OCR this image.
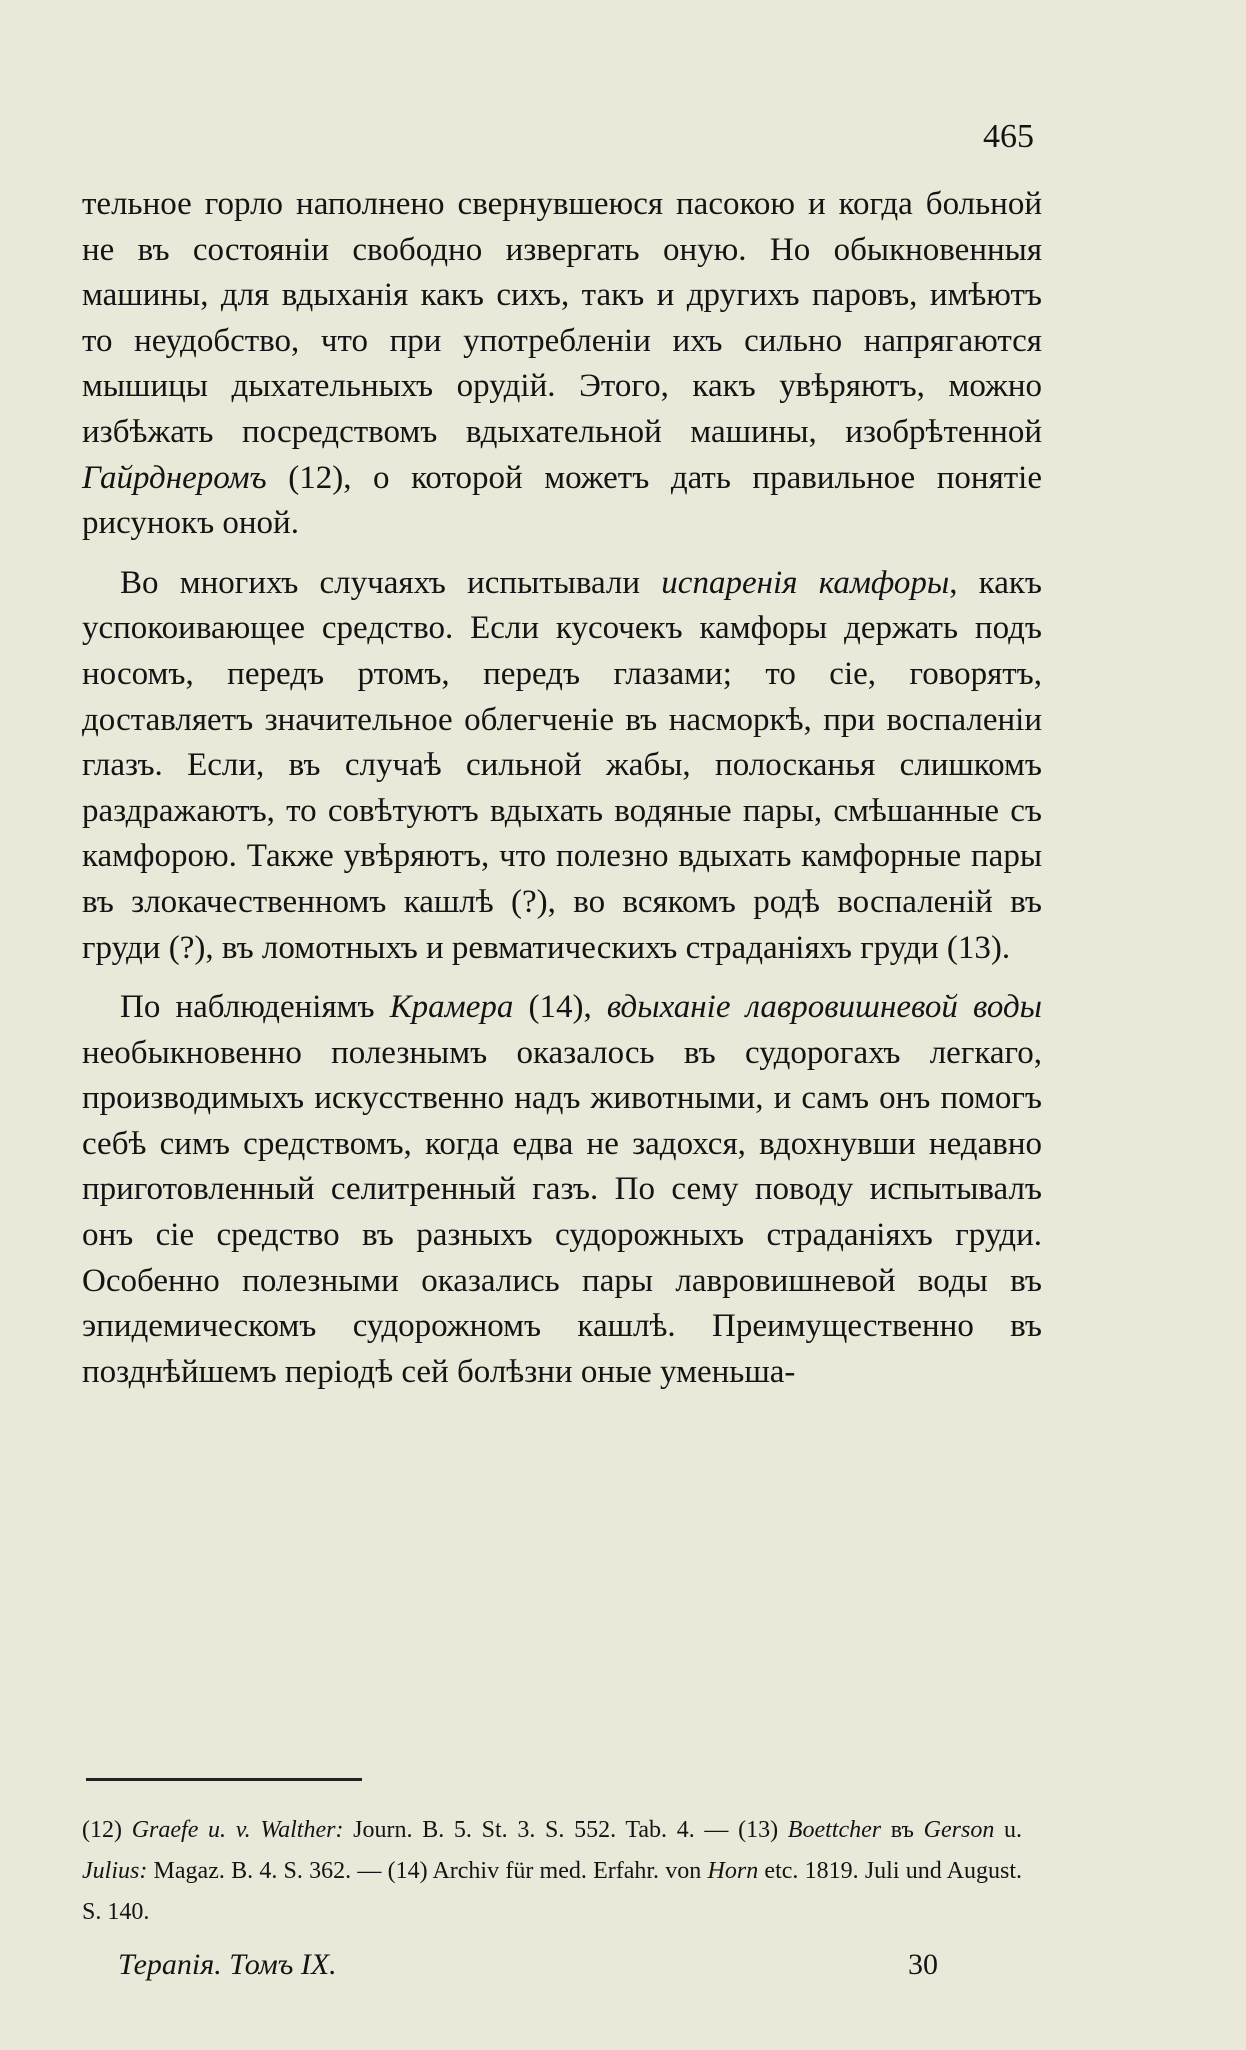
465

тельное горло наполнено свернувшеюся пасокою и когда больной не въ состоянiи свободно извергать оную. Но обыкновенныя машины, для вдыханiя какъ сихъ, такъ и другихъ паровъ, имѣютъ то неудобство, что при употребленiи ихъ сильно напрягаются мышицы дыхательныхъ орудiй. Этого, какъ увѣряютъ, можно избѣжать посредствомъ вдыхательной машины, изобрѣтенной Гайрднеромъ (12), о которой можетъ дать правильное понятiе рисунокъ оной.

Во многихъ случаяхъ испытывали испаренiя камфоры, какъ успокоивающее средство. Если кусочекъ камфоры держать подъ носомъ, передъ ртомъ, передъ глазами; то сiе, говорятъ, доставляетъ значительное облегченiе въ насморкѣ, при воспаленiи глазъ. Если, въ случаѣ сильной жабы, полосканья слишкомъ раздражаютъ, то совѣтуютъ вдыхать водяные пары, смѣшанные съ камфорою. Также увѣряютъ, что полезно вдыхать камфорные пары въ злокачественномъ кашлѣ (?), во всякомъ родѣ воспаленiй въ груди (?), въ ломотныхъ и ревматическихъ страданiяхъ груди (13).

По наблюденiямъ Крамера (14), вдыханiе лавровишневой воды необыкновенно полезнымъ оказалось въ судорогахъ легкаго, производимыхъ искусственно надъ животными, и самъ онъ помогъ себѣ симъ средствомъ, когда едва не задохся, вдохнувши недавно приготовленный селитренный газъ. По сему поводу испытывалъ онъ сiе средство въ разныхъ судорожныхъ страданiяхъ груди. Особенно полезными оказались пары лавровишневой воды въ эпидемическомъ судорожномъ кашлѣ. Преимущественно въ позднѣйшемъ перiодѣ сей болѣзни оные уменьша-

(12) Graefe u. v. Walther: Journ. B. 5. St. 3. S. 552. Tab. 4. — (13) Boettcher въ Gerson u. Julius: Magaz. B. 4. S. 362. — (14) Archiv für med. Erfahr. von Horn etc. 1819. Juli und August. S. 140.
Терапiя. Томъ IX.	30
